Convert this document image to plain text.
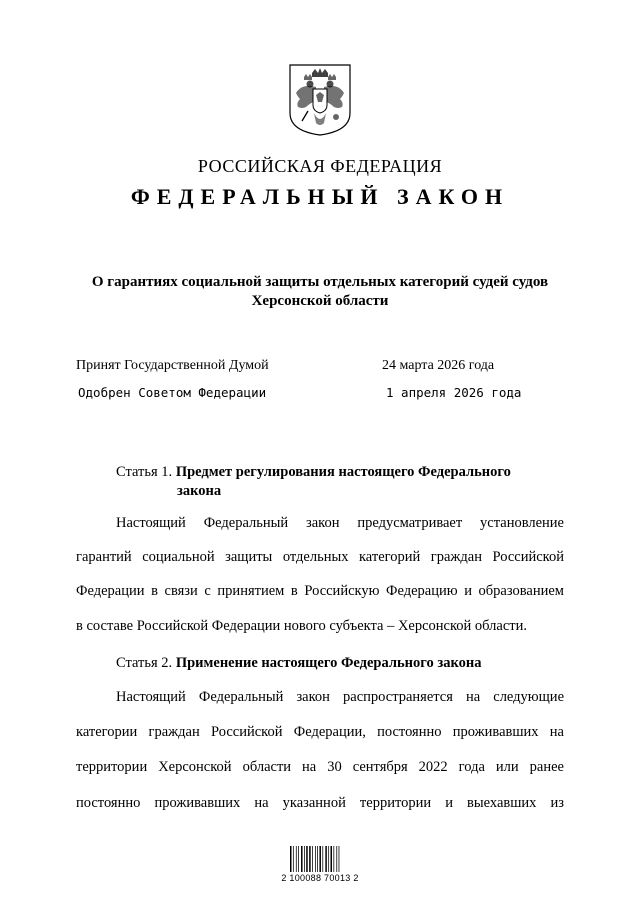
РОССИЙСКАЯ ФЕДЕРАЦИЯ
ФЕДЕРАЛЬНЫЙ ЗАКОН
О гарантиях социальной защиты отдельных категорий судей судов
Херсонской области
Принят Государственной Думой	24 марта 2026 года
Одобрен Советом Федерации	1 апреля 2026 года
Статья 1. Предмет регулирования настоящего Федерального
закона
Настоящий Федеральный закон предусматривает установление
гарантий социальной защиты отдельных категорий граждан Российской
Федерации в связи с принятием в Российскую Федерацию и образованием
в составе Российской Федерации нового субъекта – Херсонской области.
Статья 2. Применение настоящего Федерального закона
Настоящий Федеральный закон распространяется на следующие
категории граждан Российской Федерации, постоянно проживавших на
территории Херсонской области на 30 сентября 2022 года или ранее
постоянно проживавших на указанной территории и выехавших из
2 100088 70013 2
